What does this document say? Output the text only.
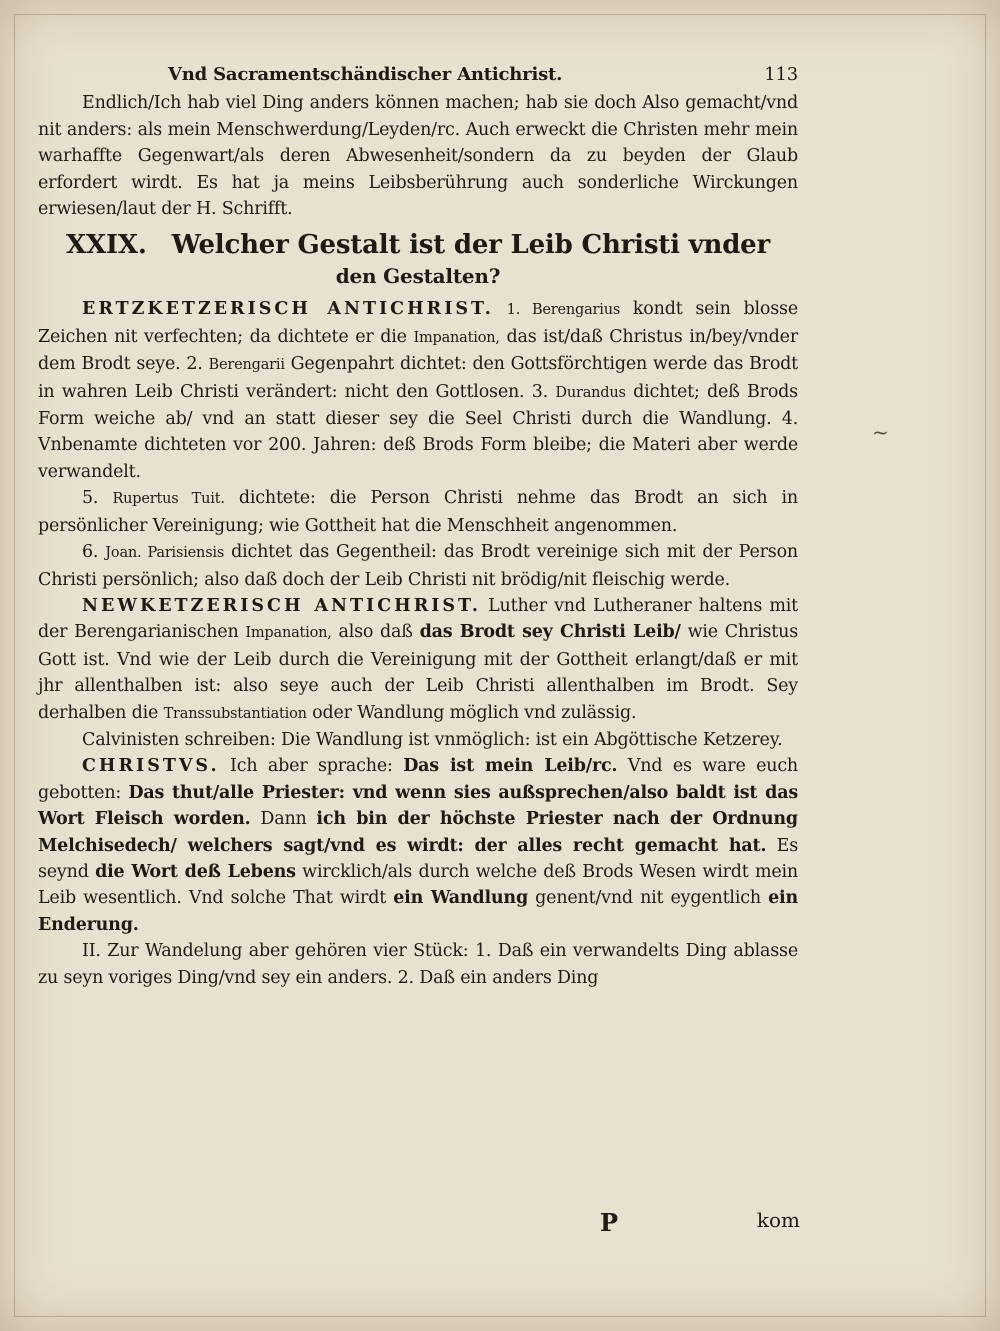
Vnd Sacramentschändischer Antichrist.	113

Endlich/Ich hab viel Ding anders können machen; hab sie doch Also gemacht/vnd nit anders: als mein Menschwerdung/Leyden/rc. Auch erweckt die Christen mehr mein warhaffte Gegenwart/als deren Abwesenheit/sondern da zu beyden der Glaub erfordert wirdt. Es hat ja meins Leibsberührung auch sonderliche Wirckungen erwiesen/laut der H. Schrifft.

XXIX. Welcher Gestalt ist der Leib Christi vnder
den Gestalten?

ERTZKETZERISCH ANTICHRIST. 1. Berengarius kondt sein blosse Zeichen nit verfechten; da dichtete er die Impanation, das ist/daß Christus in/bey/vnder dem Brodt seye. 2. Berengarii Gegenpahrt dichtet: den Gottsförchtigen werde das Brodt in wahren Leib Christi verändert: nicht den Gottlosen. 3. Durandus dichtet; deß Brods Form weiche ab/ vnd an statt dieser sey die Seel Christi durch die Wandlung. 4. Vnbenamte dichteten vor 200. Jahren: deß Brods Form bleibe; die Materi aber werde verwandelt.

5. Rupertus Tuit. dichtete: die Person Christi nehme das Brodt an sich in persönlicher Vereinigung; wie Gottheit hat die Menschheit angenommen.

6. Joan. Parisiensis dichtet das Gegentheil: das Brodt vereinige sich mit der Person Christi persönlich; also daß doch der Leib Christi nit brödig/nit fleischig werde.

NEWKETZERISCH ANTICHRIST. Luther vnd Lutheraner haltens mit der Berengarianischen Impanation, also daß das Brodt sey Christi Leib/ wie Christus Gott ist. Vnd wie der Leib durch die Vereinigung mit der Gottheit erlangt/daß er mit jhr allenthalben ist: also seye auch der Leib Christi allenthalben im Brodt. Sey derhalben die Transsubstantiation oder Wandlung möglich vnd zulässig.

Calvinisten schreiben: Die Wandlung ist vnmöglich: ist ein Abgöttische Ketzerey.

CHRISTVS. Ich aber sprache: Das ist mein Leib/rc. Vnd es ware euch gebotten: Das thut/alle Priester: vnd wenn sies außsprechen/also baldt ist das Wort Fleisch worden. Dann ich bin der höchste Priester nach der Ordnung Melchisedech/ welchers sagt/vnd es wirdt: der alles recht gemacht hat. Es seynd die Wort deß Lebens wircklich/als durch welche deß Brods Wesen wirdt mein Leib wesentlich. Vnd solche That wirdt ein Wandlung genent/vnd nit eygentlich ein Enderung.

II. Zur Wandelung aber gehören vier Stück: 1. Daß ein verwandelts Ding ablasse zu seyn voriges Ding/vnd sey ein anders. 2. Daß ein anders Ding

P	kom
~
